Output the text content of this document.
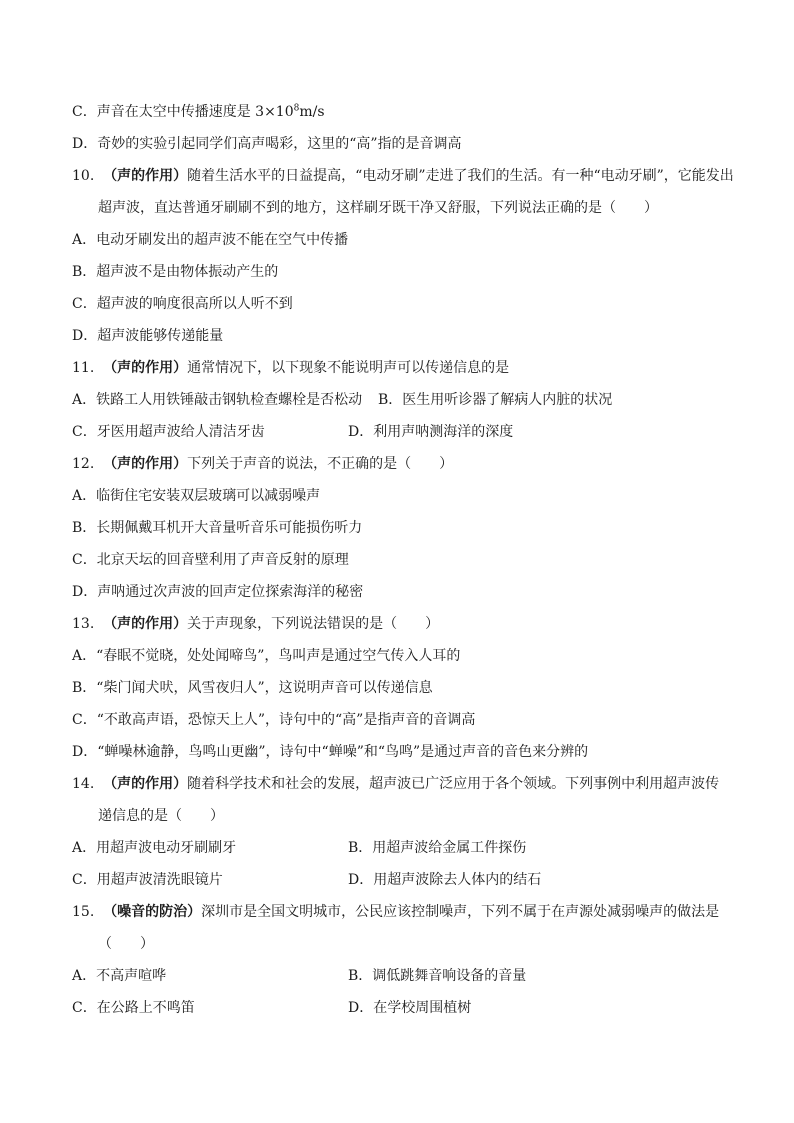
C．声音在太空中传播速度是 $3\times 10^8m/s$
D．奇妙的实验引起同学们高声喝彩，这里的“高”指的是音调高
10. （声的作用）随着生活水平的日益提高，“电动牙刷”走进了我们的生活。有一种“电动牙刷”，它能发出
超声波，直达普通牙刷刷不到的地方，这样刷牙既干净又舒服，下列说法正确的是（　　）
A．电动牙刷发出的超声波不能在空气中传播
B．超声波不是由物体振动产生的
C．超声波的响度很高所以人听不到
D．超声波能够传递能量
11. （声的作用）通常情况下，以下现象不能说明声可以传递信息的是
A．铁路工人用铁锤敲击钢轨检查螺栓是否松动 B．医生用听诊器了解病人内脏的状况
C．牙医用超声波给人清洁牙齿	D．利用声呐测海洋的深度
12. （声的作用）下列关于声音的说法，不正确的是（　　）
A．临街住宅安装双层玻璃可以减弱噪声
B．长期佩戴耳机开大音量听音乐可能损伤听力
C．北京天坛的回音壁利用了声音反射的原理
D．声呐通过次声波的回声定位探索海洋的秘密
13. （声的作用）关于声现象，下列说法错误的是（　　）
A．“春眠不觉晓，处处闻啼鸟”，鸟叫声是通过空气传入人耳的
B．“柴门闻犬吠，风雪夜归人”，这说明声音可以传递信息
C．“不敢高声语，恐惊天上人”，诗句中的“高”是指声音的音调高
D．“蝉噪林逾静，鸟鸣山更幽”，诗句中“蝉噪”和“鸟鸣”是通过声音的音色来分辨的
14. （声的作用）随着科学技术和社会的发展，超声波已广泛应用于各个领域。下列事例中利用超声波传
递信息的是（　　）
A．用超声波电动牙刷刷牙	B．用超声波给金属工件探伤
C．用超声波清洗眼镜片	D．用超声波除去人体内的结石
15. （噪音的防治）深圳市是全国文明城市，公民应该控制噪声，下列不属于在声源处减弱噪声的做法是
（　　）
A．不高声喧哗	B．调低跳舞音响设备的音量
C．在公路上不鸣笛	D．在学校周围植树
